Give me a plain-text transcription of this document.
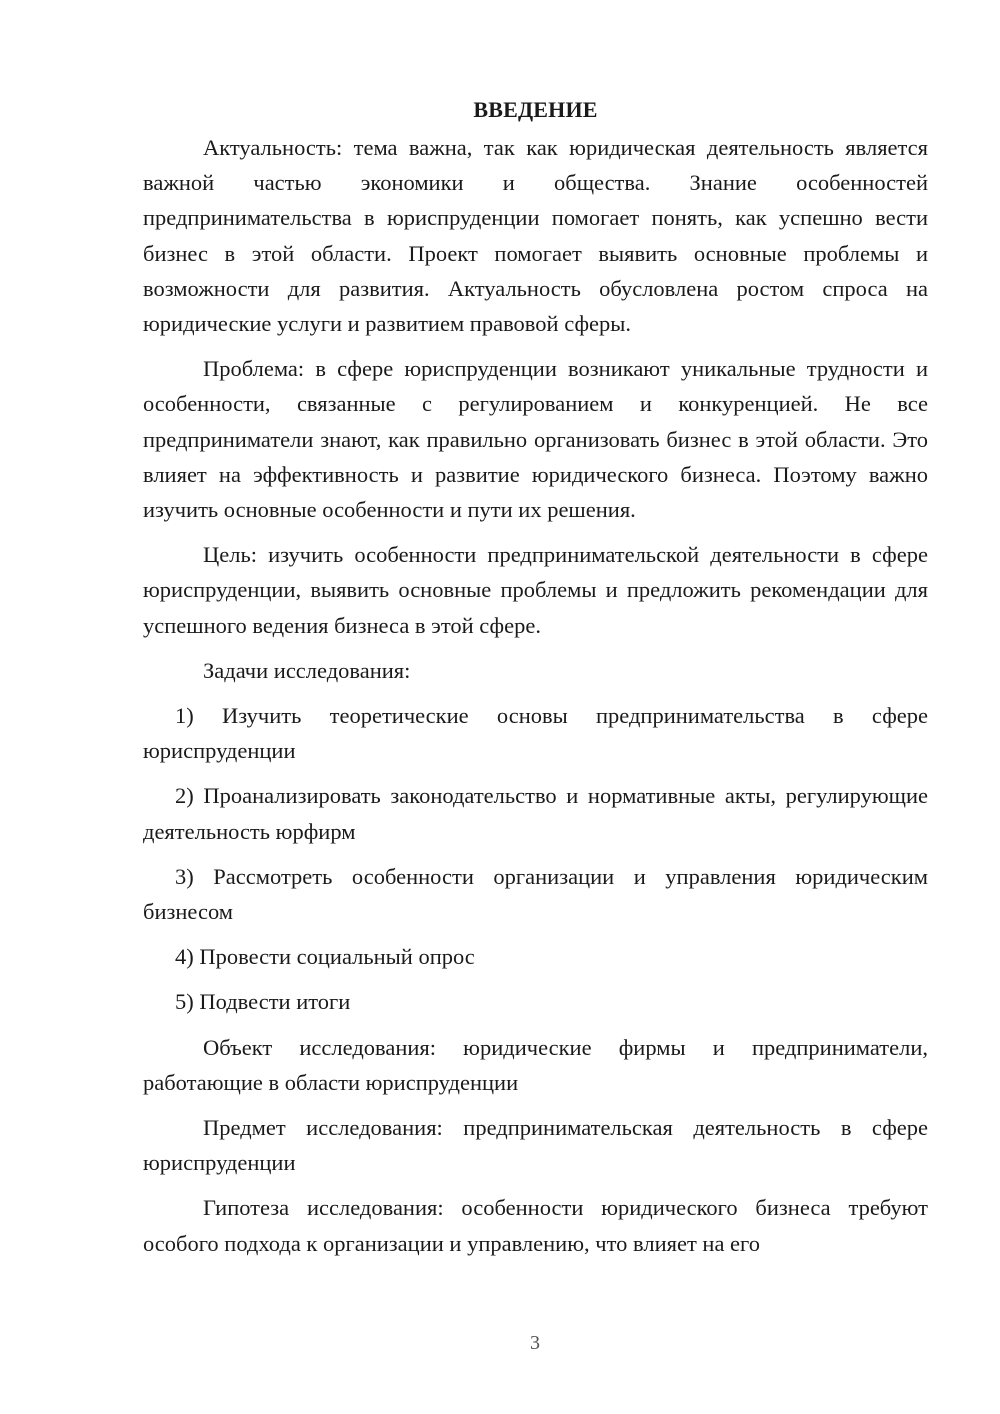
ВВЕДЕНИЕ

Актуальность: тема важна, так как юридическая деятельность является важной частью экономики и общества. Знание особенностей предпринимательства в юриспруденции помогает понять, как успешно вести бизнес в этой области. Проект помогает выявить основные проблемы и возможности для развития. Актуальность обусловлена ростом спроса на юридические услуги и развитием правовой сферы.

Проблема: в сфере юриспруденции возникают уникальные трудности и особенности, связанные с регулированием и конкуренцией. Не все предприниматели знают, как правильно организовать бизнес в этой области. Это влияет на эффективность и развитие юридического бизнеса. Поэтому важно изучить основные особенности и пути их решения.

Цель: изучить особенности предпринимательской деятельности в сфере юриспруденции, выявить основные проблемы и предложить рекомендации для успешного ведения бизнеса в этой сфере.

Задачи исследования:

1) Изучить теоретические основы предпринимательства в сфере юриспруденции

2) Проанализировать законодательство и нормативные акты, регулирующие деятельность юрфирм

3) Рассмотреть особенности организации и управления юридическим бизнесом

4) Провести социальный опрос

5) Подвести итоги

Объект исследования: юридические фирмы и предприниматели, работающие в области юриспруденции

Предмет исследования: предпринимательская деятельность в сфере юриспруденции

Гипотеза исследования: особенности юридического бизнеса требуют особого подхода к организации и управлению, что влияет на его

3
